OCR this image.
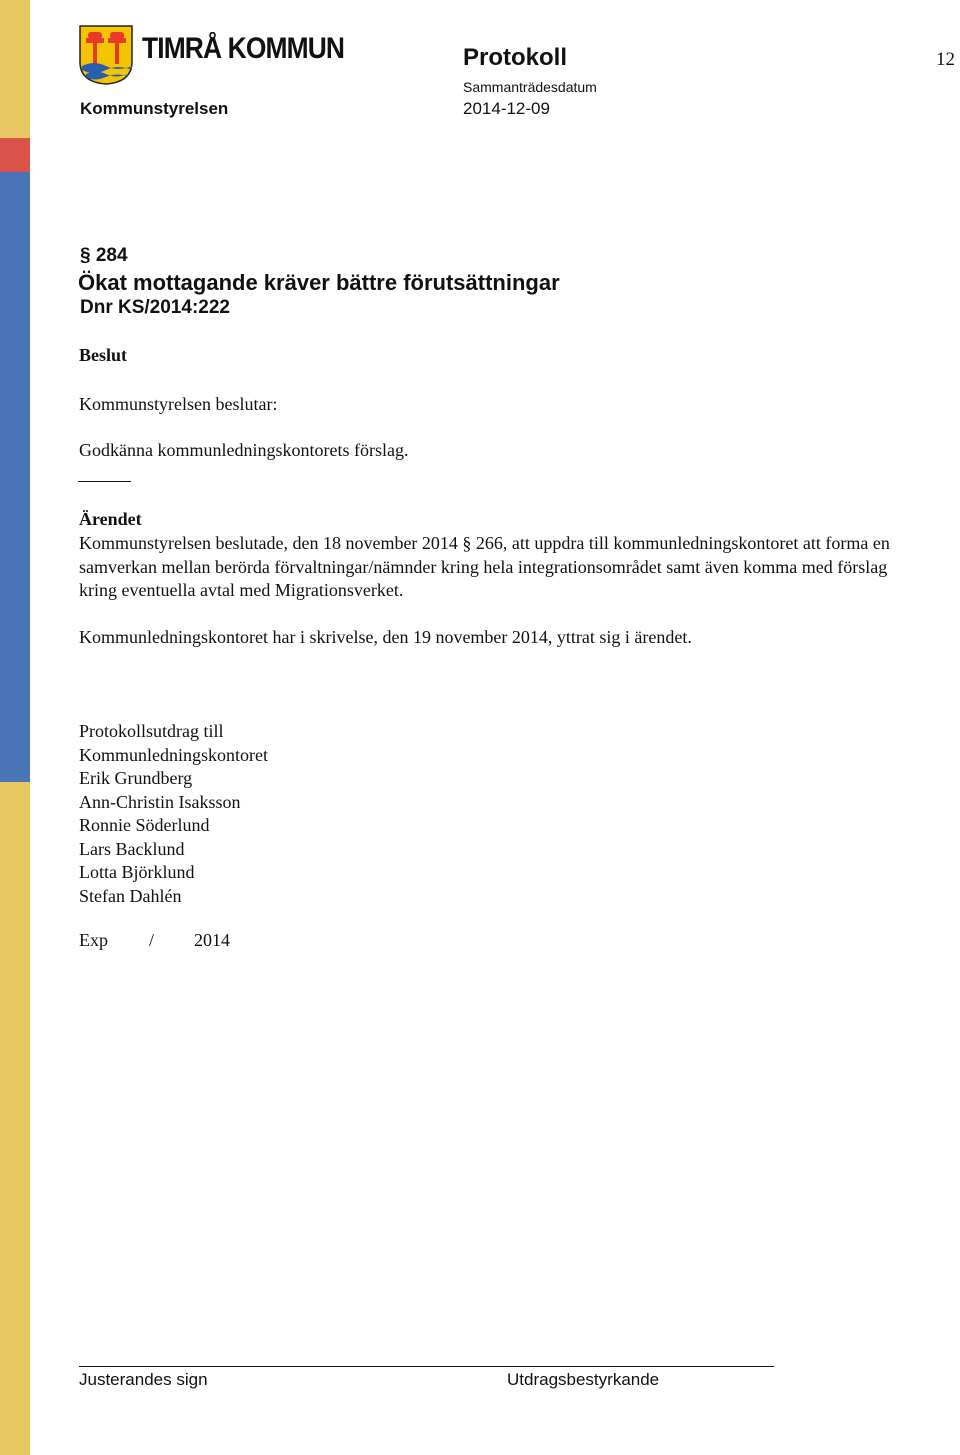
TIMRÅ KOMMUN
Kommunstyrelsen
Protokoll
Sammanträdesdatum
2014-12-09
12
§ 284
Ökat mottagande kräver bättre förutsättningar
Dnr KS/2014:222
Beslut
Kommunstyrelsen beslutar:
Godkänna kommunledningskontorets förslag.
Ärendet

Kommunstyrelsen beslutade, den 18 november 2014 § 266, att uppdra till kommunledningskontoret att forma en samverkan mellan berörda förvaltningar/nämnder kring hela integrationsområdet samt även komma med förslag kring eventuella avtal med Migrationsverket.

Kommunledningskontoret har i skrivelse, den 19 november 2014, yttrat sig i ärendet.

Protokollsutdrag till
Kommunledningskontoret
Erik Grundberg
Ann-Christin Isaksson
Ronnie Söderlund
Lars Backlund
Lotta Björklund
Stefan Dahlén
Exp / 2014
Justerandes sign	Utdragsbestyrkande
